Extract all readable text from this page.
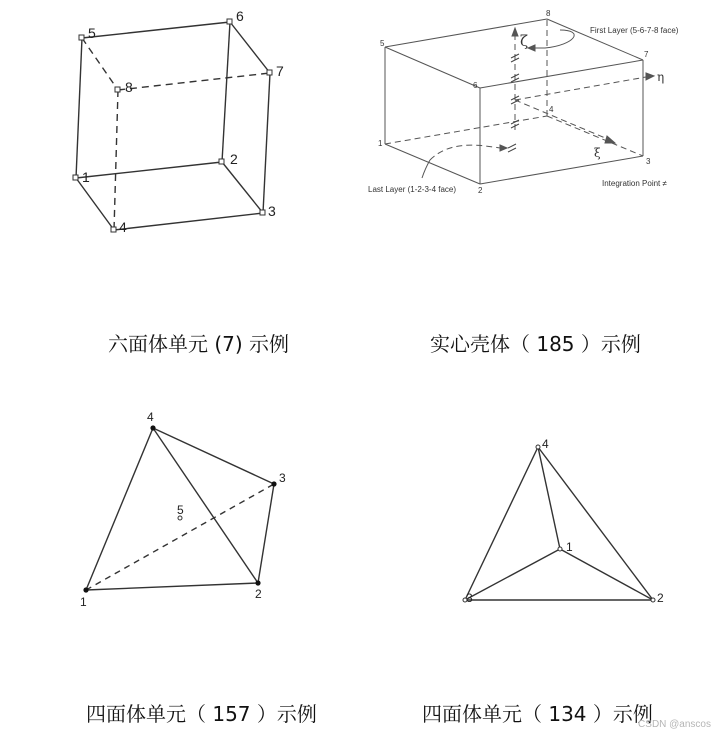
1
2
3
4
5
6
7
8
六面体单元 (7) 示例
1
2
3
4
5
6
7
8
First Layer (5-6-7-8 face)
Last Layer (1-2-3-4 face)
Integration Point ≠
ζ
η
ξ
实心壳体（ 185 ）示例
1
2
3
4
5
四面体单元（ 157 ）示例
1
2
3
4
四面体单元（ 134 ）示例
CSDN @anscos
